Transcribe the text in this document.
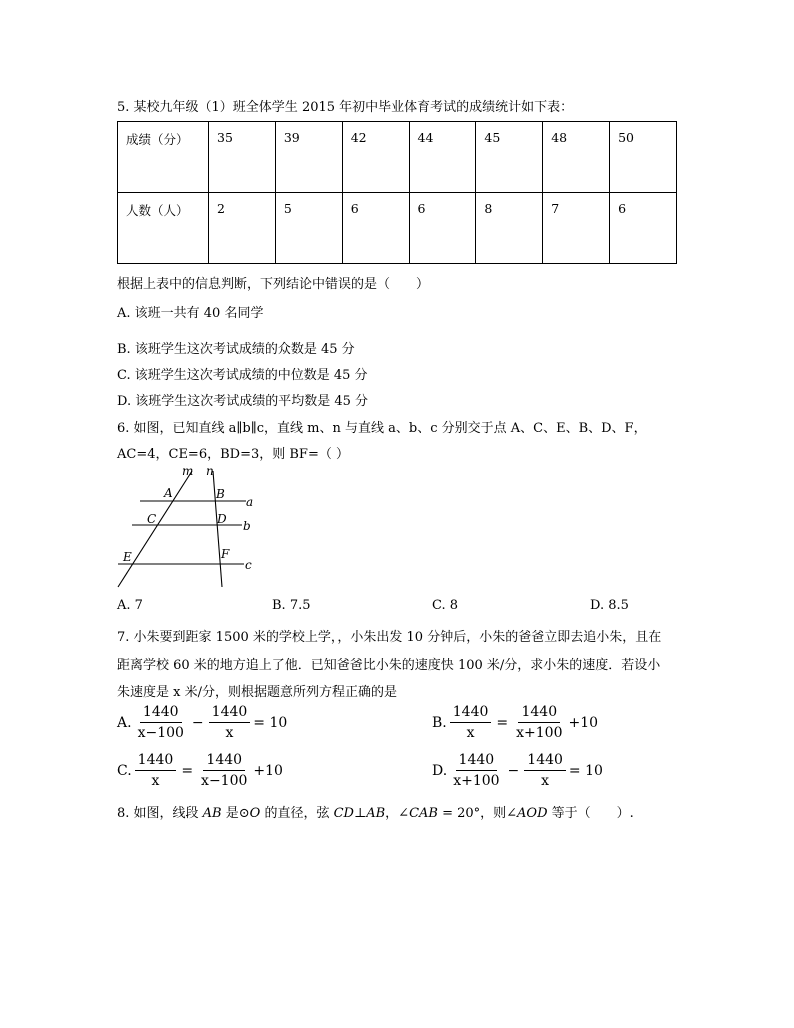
5. 某校九年级（1）班全体学生 2015 年初中毕业体育考试的成绩统计如下表：
成绩（分）	35	39	42	44	45	48	50
人数（人）	2	5	6	6	8	7	6
根据上表中的信息判断，下列结论中错误的是（　　）
A. 该班一共有 40 名同学
B. 该班学生这次考试成绩的众数是 45 分
C. 该班学生这次考试成绩的中位数是 45 分
D. 该班学生这次考试成绩的平均数是 45 分
6. 如图，已知直线 a∥b∥c，直线 m、n 与直线 a、b、c 分别交于点 A、C、E、B、D、F，
AC=4，CE=6，BD=3，则 BF=（ ）
m n
A	B
a
C	D b
E	F
c
A. 7	B. 7.5	C. 8	D. 8.5
7. 小朱要到距家 1500 米的学校上学，，小朱出发 10 分钟后，小朱的爸爸立即去追小朱，且在
距离学校 60 米的地方追上了他．已知爸爸比小朱的速度快 100 米/分，求小朱的速度．若设小
朱速度是 x 米/分，则根据题意所列方程正确的是
A. $\frac{1440}{x-100} - \frac{1440}{x} = 10$	B. $\frac{1440}{x} = \frac{1440}{x+100} +10$
C. $\frac{1440}{x} = \frac{1440}{x-100} +10$	D. $\frac{1440}{x+100} - \frac{1440}{x} = 10$
8. 如图，线段 AB 是⊙O 的直径，弦 CD⊥AB，∠CAB = 20°，则∠AOD 等于（　　）.
